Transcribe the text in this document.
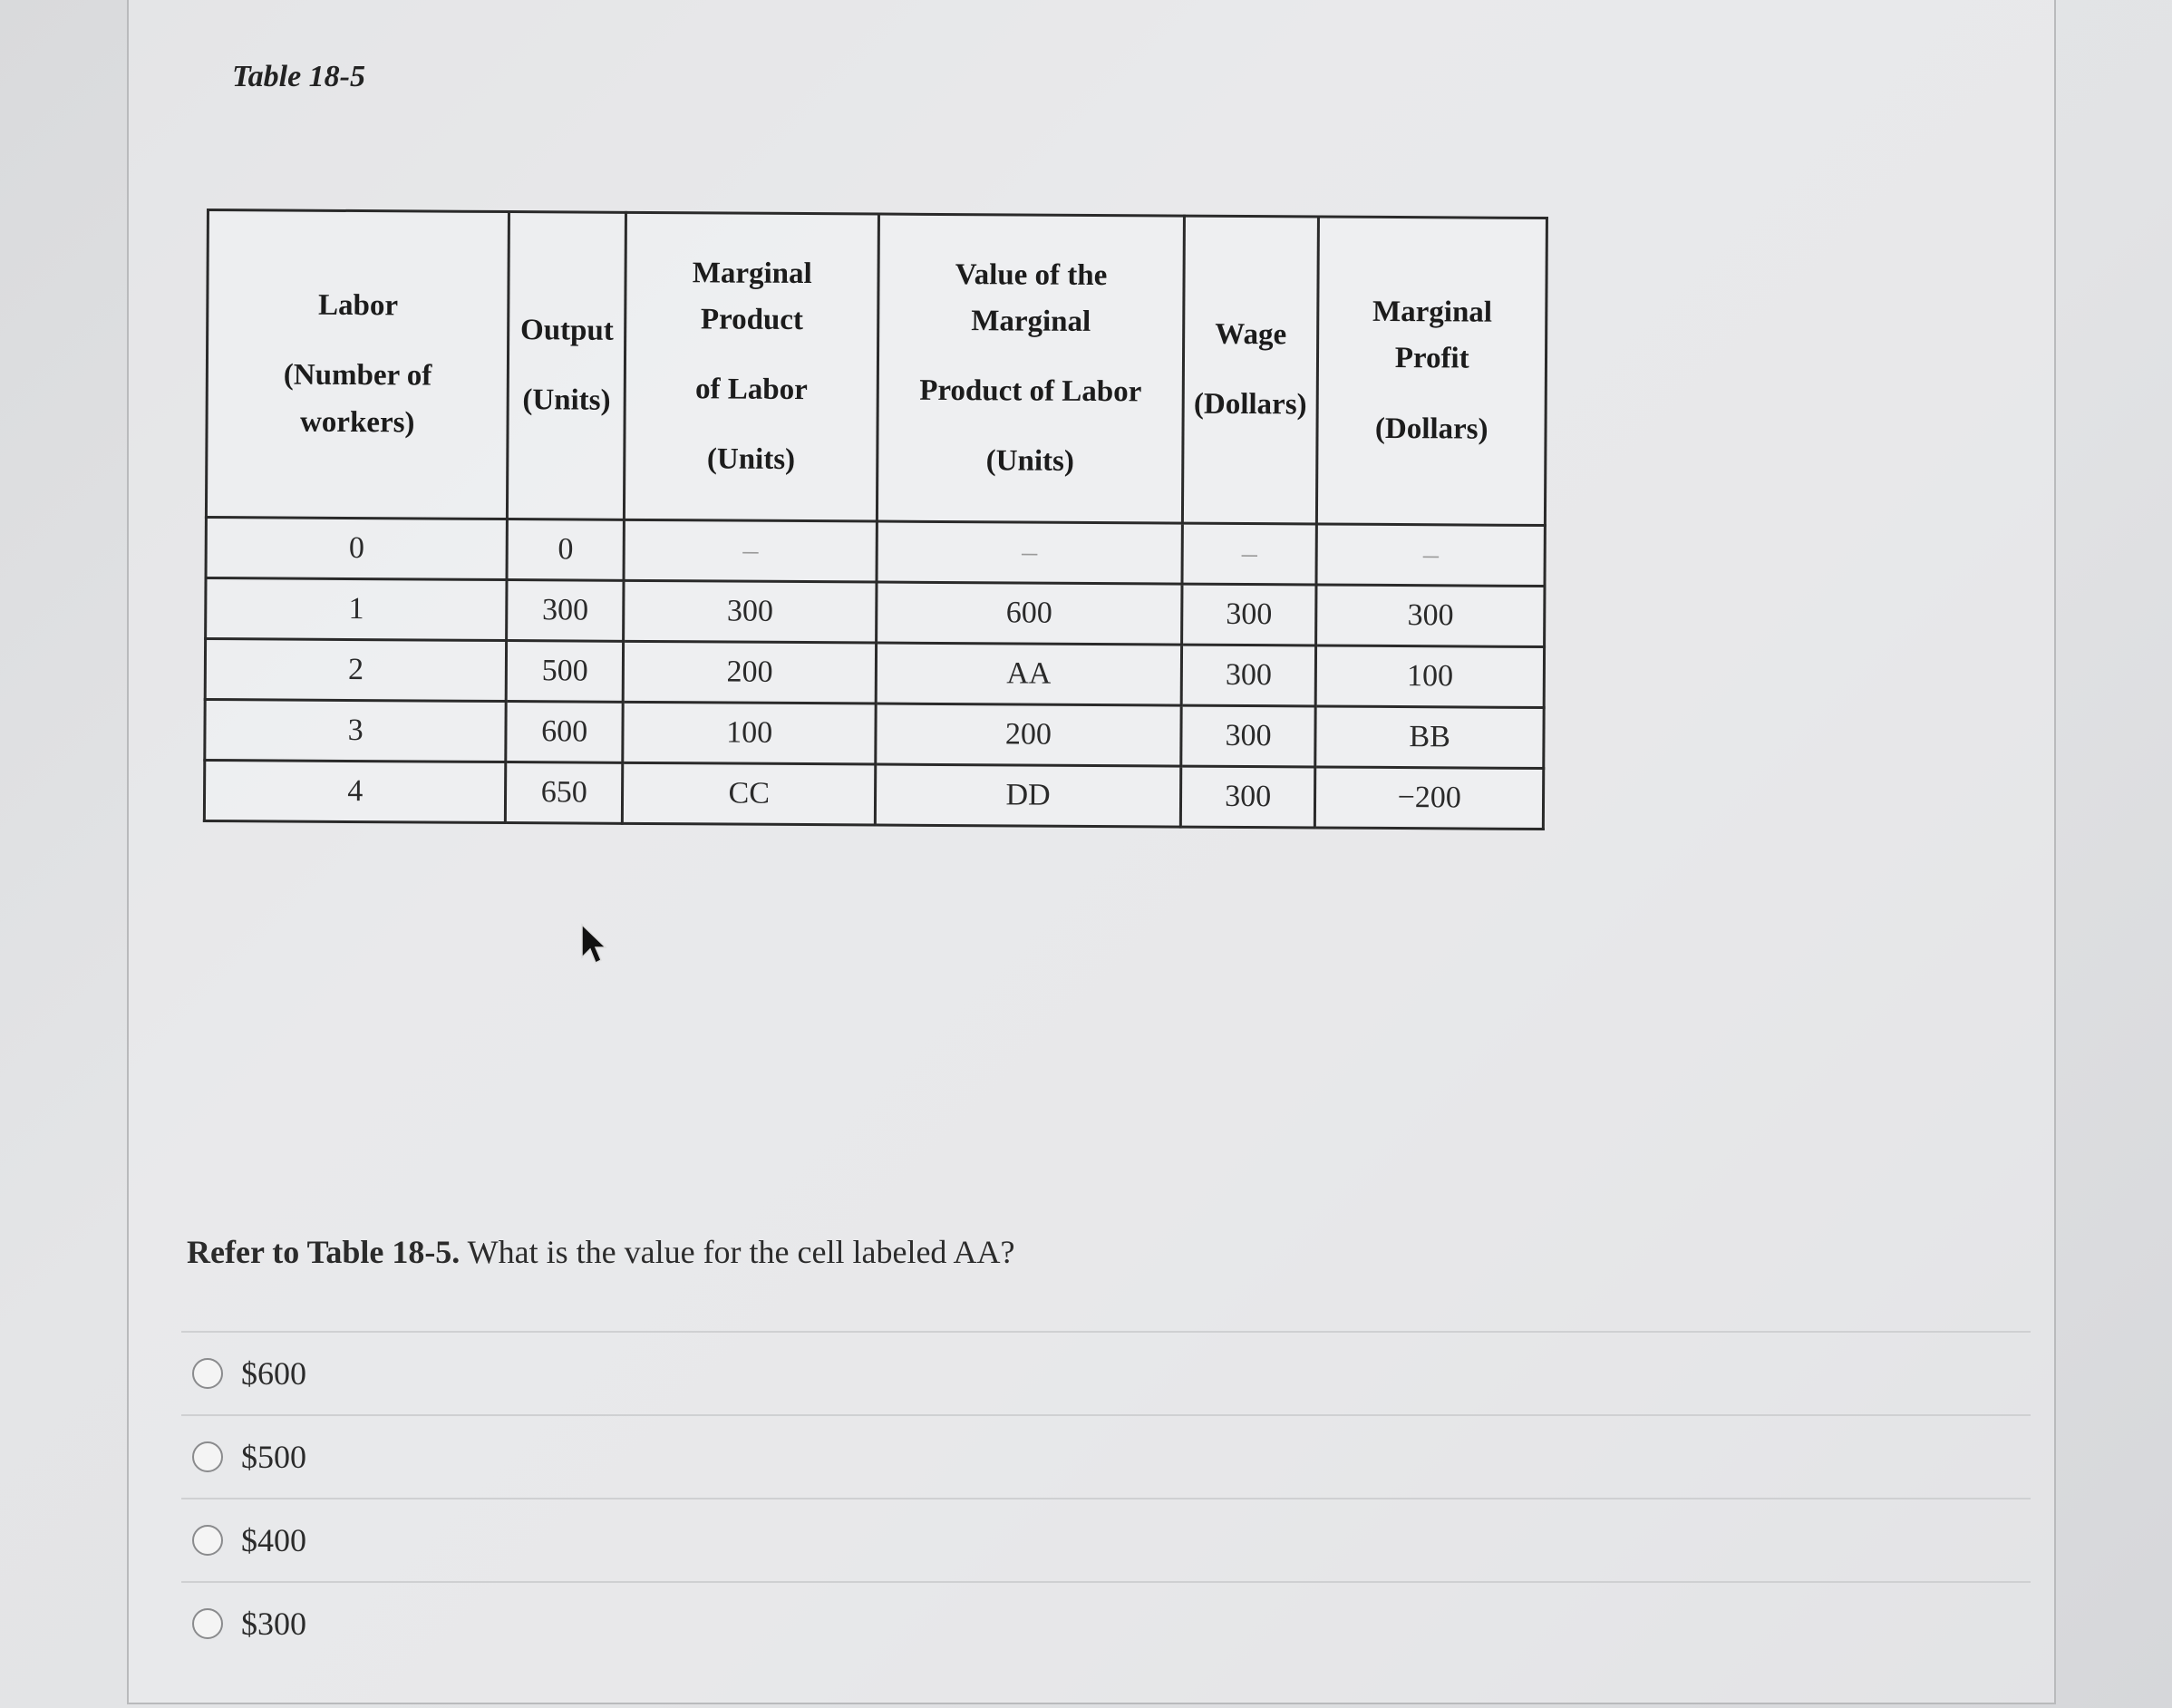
Table 18-5
Labor
(Number of
workers)	Output
(Units)	Marginal
Product
of Labor
(Units)	Value of the
Marginal
Product of Labor
(Units)	Wage
(Dollars)	Marginal
Profit
(Dollars)

0	0	–	–	–	–
1	300	300	600	300	300
2	500	200	AA	300	100
3	600	100	200	300	BB
4	650	CC	DD	300	−200
Refer to Table 18-5. What is the value for the cell labeled AA?
$600
$500
$400
$300
